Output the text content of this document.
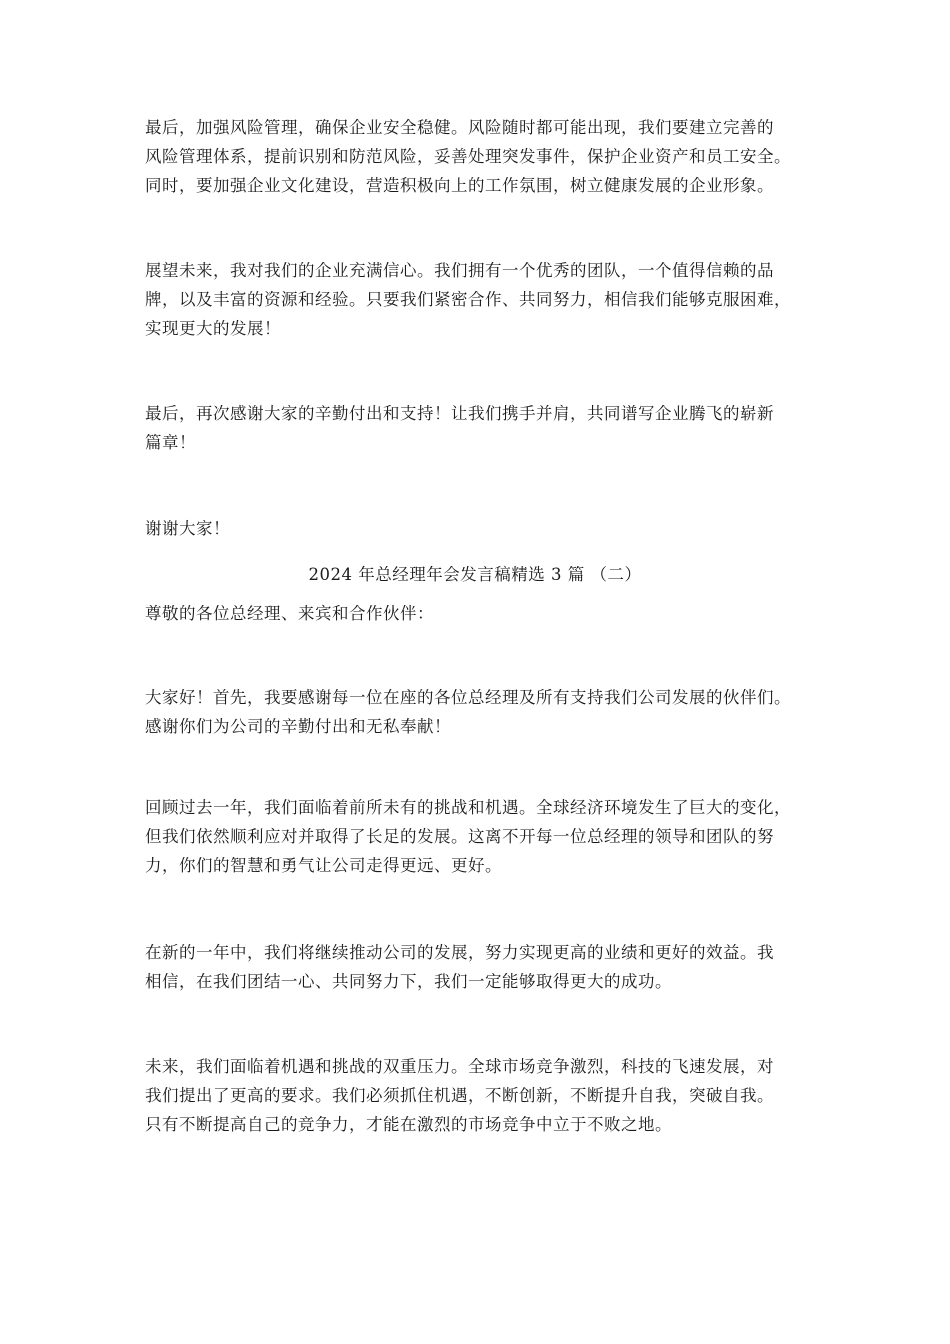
最后，加强风险管理，确保企业安全稳健。风险随时都可能出现，我们要建立完善的
风险管理体系，提前识别和防范风险，妥善处理突发事件，保护企业资产和员工安全。
同时，要加强企业文化建设，营造积极向上的工作氛围，树立健康发展的企业形象。

展望未来，我对我们的企业充满信心。我们拥有一个优秀的团队，一个值得信赖的品
牌，以及丰富的资源和经验。只要我们紧密合作、共同努力，相信我们能够克服困难，
实现更大的发展！

最后，再次感谢大家的辛勤付出和支持！让我们携手并肩，共同谱写企业腾飞的崭新
篇章！

谢谢大家！

2024 年总经理年会发言稿精选 3 篇 （二）

尊敬的各位总经理、来宾和合作伙伴：

大家好！首先，我要感谢每一位在座的各位总经理及所有支持我们公司发展的伙伴们。
感谢你们为公司的辛勤付出和无私奉献！

回顾过去一年，我们面临着前所未有的挑战和机遇。全球经济环境发生了巨大的变化，
但我们依然顺利应对并取得了长足的发展。这离不开每一位总经理的领导和团队的努
力，你们的智慧和勇气让公司走得更远、更好。

在新的一年中，我们将继续推动公司的发展，努力实现更高的业绩和更好的效益。我
相信，在我们团结一心、共同努力下，我们一定能够取得更大的成功。

未来，我们面临着机遇和挑战的双重压力。全球市场竞争激烈，科技的飞速发展，对
我们提出了更高的要求。我们必须抓住机遇，不断创新，不断提升自我，突破自我。
只有不断提高自己的竞争力，才能在激烈的市场竞争中立于不败之地。
